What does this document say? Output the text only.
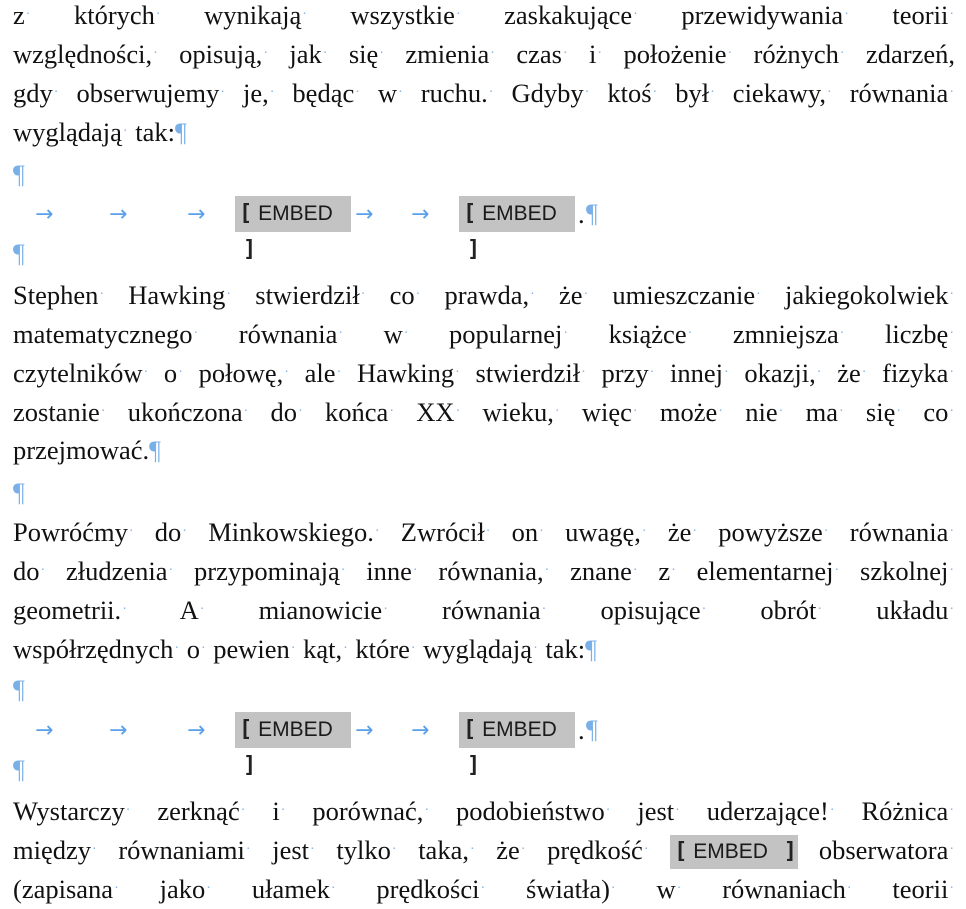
z· których· wynikają· wszystkie· zaskakujące· przewidywania· teorii·
względności,· opisują,· jak· się· zmienia· czas· i· położenie· różnych· zdarzeń,
gdy· obserwujemy· je,· będąc· w· ruchu.· Gdyby· ktoś· był· ciekawy,· równania·
wyglądają· tak:¶
¶
→	→	→ [ EMBED ]
→ → [ EMBED ]
. ¶
¶
Stephen· Hawking· stwierdził· co· prawda,· że· umieszczanie· jakiegokolwiek·
matematycznego· równania· w· popularnej· książce· zmniejsza· liczbę·
czytelników· o· połowę,· ale· Hawking· stwierdził· przy· innej· okazji,· że· fizyka·
zostanie· ukończona· do· końca· XX· wieku,· więc· może· nie· ma· się· co·
przejmować.¶
¶
Powróćmy· do· Minkowskiego.· Zwrócił· on· uwagę,· że· powyższe· równania·
do· złudzenia· przypominają· inne· równania,· znane· z· elementarnej· szkolnej·
geometrii.· A· mianowicie· równania· opisujące· obrót· układu·
współrzędnych· o· pewien· kąt,· które· wyglądają· tak:¶
¶
→	→	→ [ EMBED ]
→ → [ EMBED ]
. ¶
¶
Wystarczy· zerknąć· i· porównać,· podobieństwo· jest· uderzające!· Różnica·
między· równaniami· jest· tylko· taka,· że· prędkość· [ EMBED ] obserwatora·
(zapisana· jako· ułamek· prędkości· światła)· w· równaniach· teorii·
